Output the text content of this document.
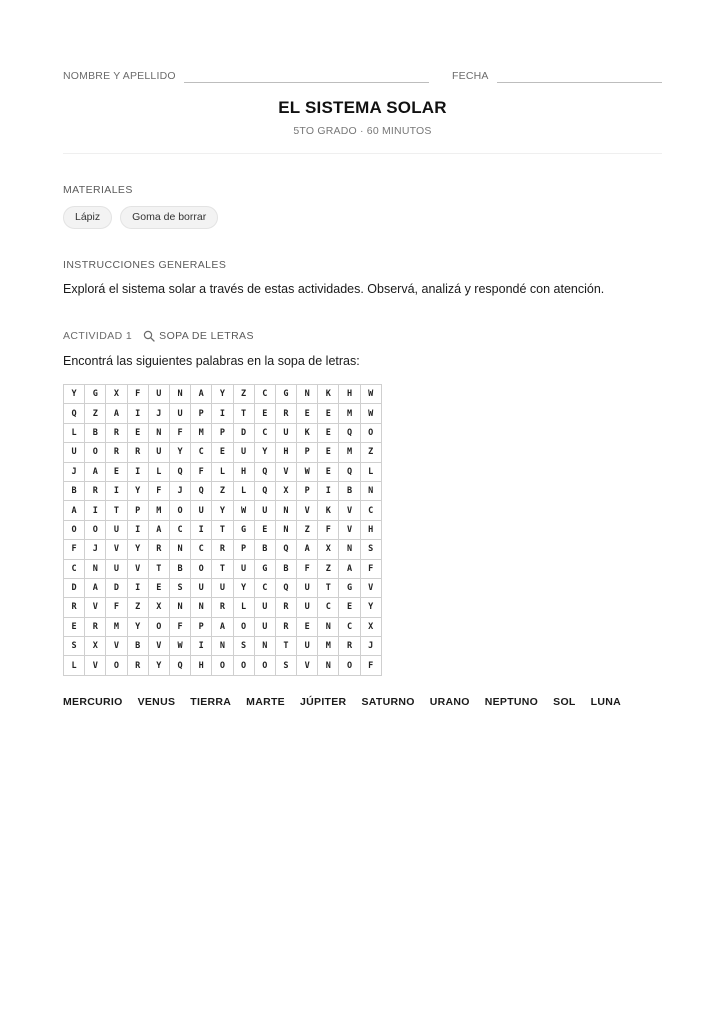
NOMBRE Y APELLIDO	FECHA
EL SISTEMA SOLAR
5TO GRADO · 60 MINUTOS
MATERIALES
Lápiz	Goma de borrar
INSTRUCCIONES GENERALES
Explorá el sistema solar a través de estas actividades. Observá, analizá y respondé con atención.
ACTIVIDAD 1	SOPA DE LETRAS
Encontrá las siguientes palabras en la sopa de letras:
Y	G	X	F	U	N	A	Y	Z	C	G	N	K	H	W
Q	Z	A	I	J	U	P	I	T	E	R	E	E	M	W
L	B	R	E	N	F	M	P	D	C	U	K	E	Q	O
U	O	R	R	U	Y	C	E	U	Y	H	P	E	M	Z
J	A	E	I	L	Q	F	L	H	Q	V	W	E	Q	L
B	R	I	Y	F	J	Q	Z	L	Q	X	P	I	B	N
A	I	T	P	M	O	U	Y	W	U	N	V	K	V	C
O	O	U	I	A	C	I	T	G	E	N	Z	F	V	H
F	J	V	Y	R	N	C	R	P	B	Q	A	X	N	S
C	N	U	V	T	B	O	T	U	G	B	F	Z	A	F
D	A	D	I	E	S	U	U	Y	C	Q	U	T	G	V
R	V	F	Z	X	N	N	R	L	U	R	U	C	E	Y
E	R	M	Y	O	F	P	A	O	U	R	E	N	C	X
S	X	V	B	V	W	I	N	S	N	T	U	M	R	J
L	V	O	R	Y	Q	H	O	O	O	S	V	N	O	F
MERCURIO VENUS TIERRA MARTE JÚPITER SATURNO URANO NEPTUNO SOL LUNA
